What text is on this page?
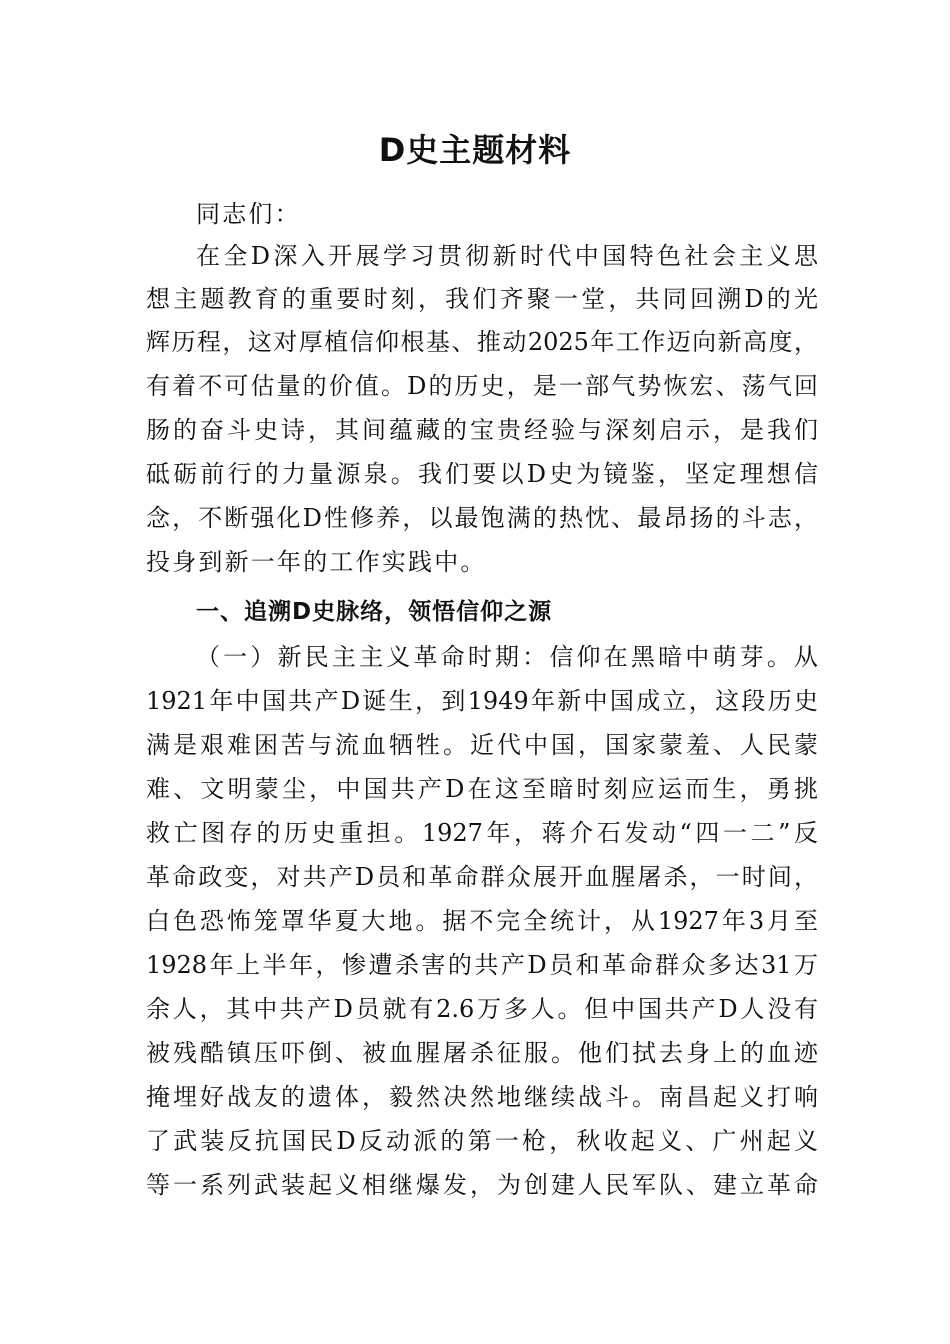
D史主题材料
同志们：
在全D深入开展学习贯彻新时代中国特色社会主义思
想主题教育的重要时刻，我们齐聚一堂，共同回溯D的光
辉历程，这对厚植信仰根基、推动2025年工作迈向新高度，
有着不可估量的价值。D的历史，是一部气势恢宏、荡气回
肠的奋斗史诗，其间蕴藏的宝贵经验与深刻启示，是我们
砥砺前行的力量源泉。我们要以D史为镜鉴，坚定理想信
念，不断强化D性修养，以最饱满的热忱、最昂扬的斗志，
投身到新一年的工作实践中。
一、追溯D史脉络，领悟信仰之源
（一）新民主主义革命时期：信仰在黑暗中萌芽。从
1921年中国共产D诞生，到1949年新中国成立，这段历史
满是艰难困苦与流血牺牲。近代中国，国家蒙羞、人民蒙
难、文明蒙尘，中国共产D在这至暗时刻应运而生，勇挑
救亡图存的历史重担。1927年，蒋介石发动“四一二”反
革命政变，对共产D员和革命群众展开血腥屠杀，一时间，
白色恐怖笼罩华夏大地。据不完全统计，从1927年3月至
1928年上半年，惨遭杀害的共产D员和革命群众多达31万
余人，其中共产D员就有2.6万多人。但中国共产D人没有
被残酷镇压吓倒、被血腥屠杀征服。他们拭去身上的血迹
掩埋好战友的遗体，毅然决然地继续战斗。南昌起义打响
了武装反抗国民D反动派的第一枪，秋收起义、广州起义
等一系列武装起义相继爆发，为创建人民军队、建立革命
